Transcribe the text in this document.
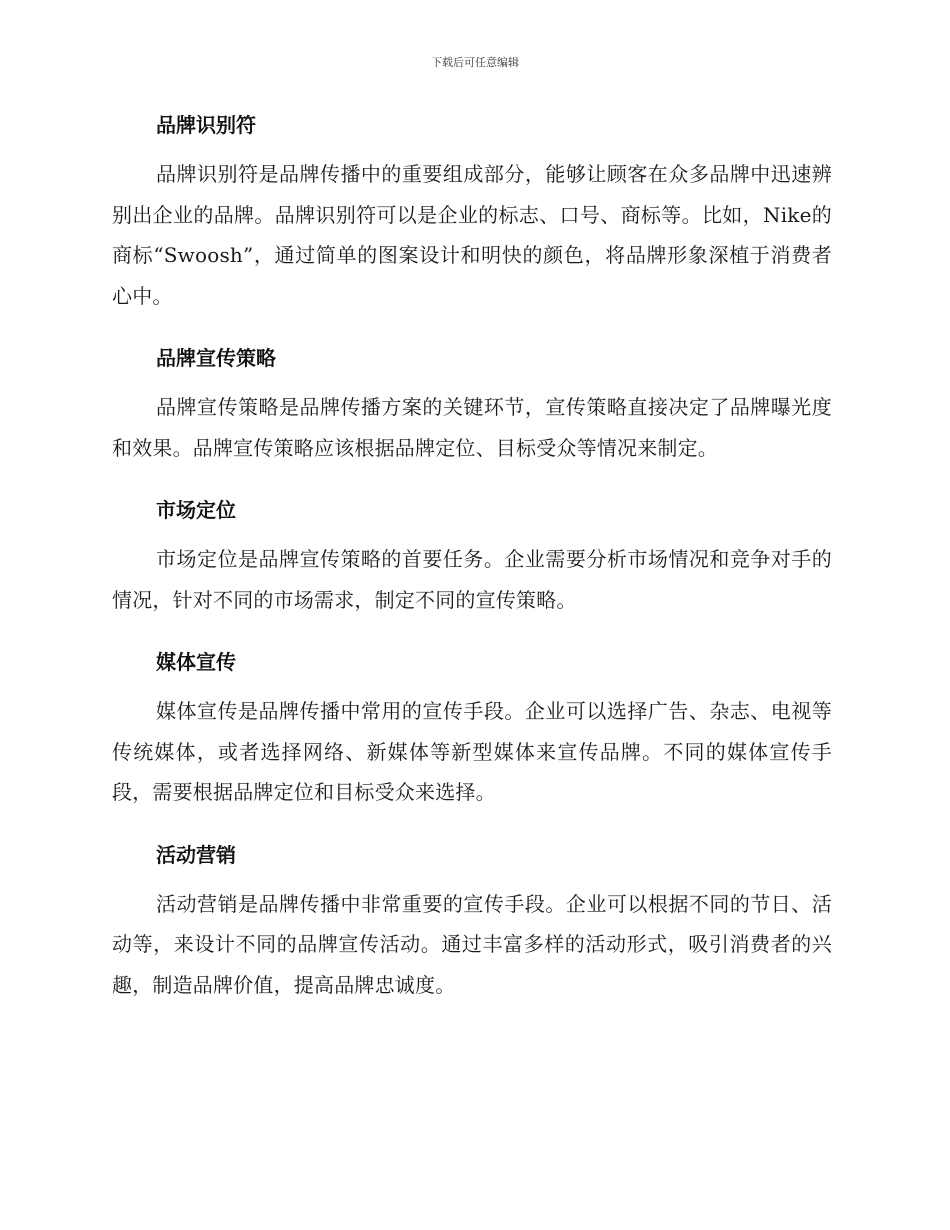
下载后可任意编辑
品牌识别符

品牌识别符是品牌传播中的重要组成部分，能够让顾客在众多品牌中迅速辨别出企业的品牌。品牌识别符可以是企业的标志、口号、商标等。比如，Nike的商标“Swoosh”，通过简单的图案设计和明快的颜色，将品牌形象深植于消费者心中。

品牌宣传策略

品牌宣传策略是品牌传播方案的关键环节，宣传策略直接决定了品牌曝光度和效果。品牌宣传策略应该根据品牌定位、目标受众等情况来制定。

市场定位

市场定位是品牌宣传策略的首要任务。企业需要分析市场情况和竞争对手的情况，针对不同的市场需求，制定不同的宣传策略。

媒体宣传

媒体宣传是品牌传播中常用的宣传手段。企业可以选择广告、杂志、电视等传统媒体，或者选择网络、新媒体等新型媒体来宣传品牌。不同的媒体宣传手段，需要根据品牌定位和目标受众来选择。

活动营销

活动营销是品牌传播中非常重要的宣传手段。企业可以根据不同的节日、活动等，来设计不同的品牌宣传活动。通过丰富多样的活动形式，吸引消费者的兴趣，制造品牌价值，提高品牌忠诚度。
